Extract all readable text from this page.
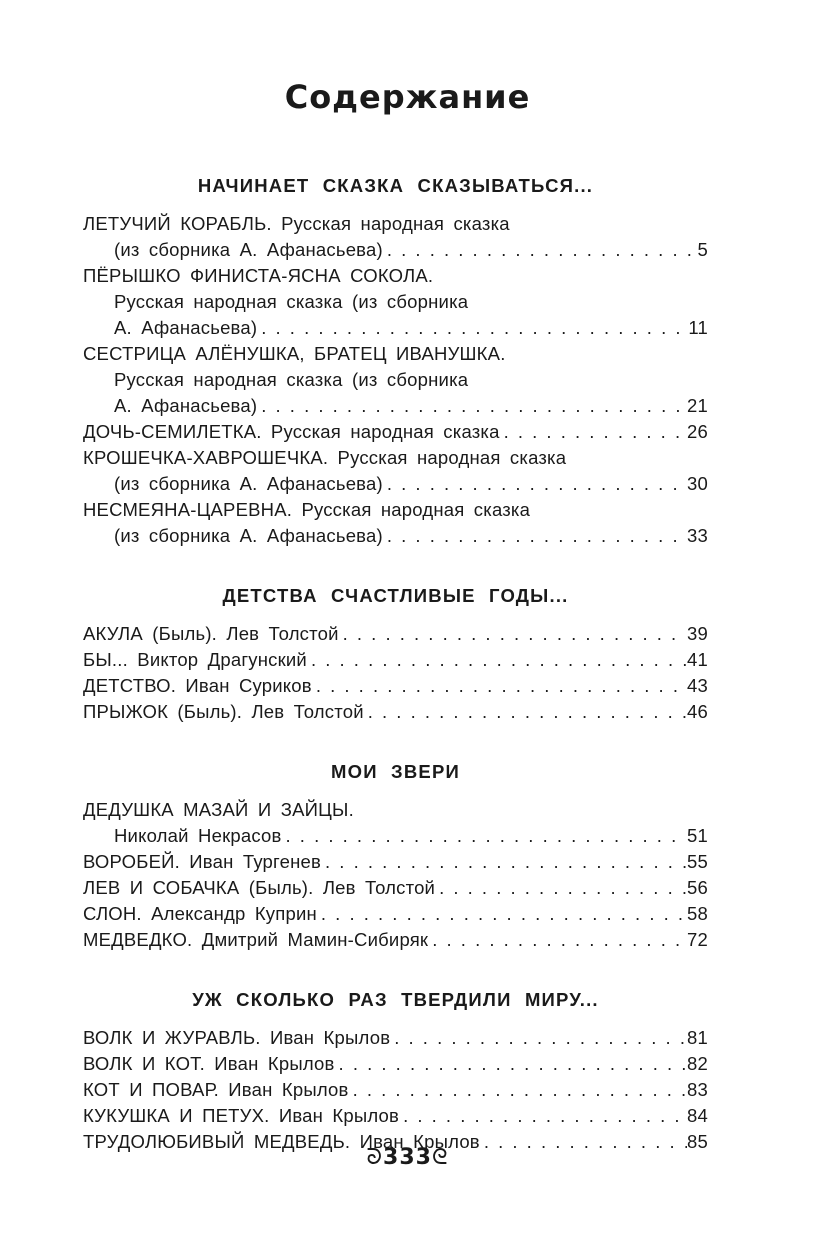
Содержание
НАЧИНАЕТ СКАЗКА СКАЗЫВАТЬСЯ...
ЛЕТУЧИЙ КОРАБЛЬ. Русская народная сказка
(из сборника А. Афанасьева) . . .	5
ПЁРЫШКО ФИНИСТА-ЯСНА СОКОЛА.
Русская народная сказка (из сборника
А. Афанасьева) . . .	11
СЕСТРИЦА АЛЁНУШКА, БРАТЕЦ ИВАНУШКА.
Русская народная сказка (из сборника
А. Афанасьева) . . .	21
ДОЧЬ-СЕМИЛЕТКА. Русская народная сказка . . .	26
КРОШЕЧКА-ХАВРОШЕЧКА. Русская народная сказка
(из сборника А. Афанасьева) . . .	30
НЕСМЕЯНА-ЦАРЕВНА. Русская народная сказка
(из сборника А. Афанасьева) . . .	33
ДЕТСТВА СЧАСТЛИВЫЕ ГОДЫ...
АКУЛА (Быль). Лев Толстой . . .	39
БЫ... Виктор Драгунский . . .	41
ДЕТСТВО. Иван Суриков . . .	43
ПРЫЖОК (Быль). Лев Толстой . . .	46
МОИ ЗВЕРИ
ДЕДУШКА МАЗАЙ И ЗАЙЦЫ.
Николай Некрасов . . .	51
ВОРОБЕЙ. Иван Тургенев . . .	55
ЛЕВ И СОБАЧКА (Быль). Лев Толстой . . .	56
СЛОН. Александр Куприн . . .	58
МЕДВЕДКО. Дмитрий Мамин-Сибиряк . . .	72
УЖ СКОЛЬКО РАЗ ТВЕРДИЛИ МИРУ...
ВОЛК И ЖУРАВЛЬ. Иван Крылов . . .	81
ВОЛК И КОТ. Иван Крылов . . .	82
КОТ И ПОВАР. Иван Крылов . . .	83
КУКУШКА И ПЕТУХ. Иван Крылов . . .	84
ТРУДОЛЮБИВЫЙ МЕДВЕДЬ. Иван Крылов . . .	85
ᘐ333ᘓ
